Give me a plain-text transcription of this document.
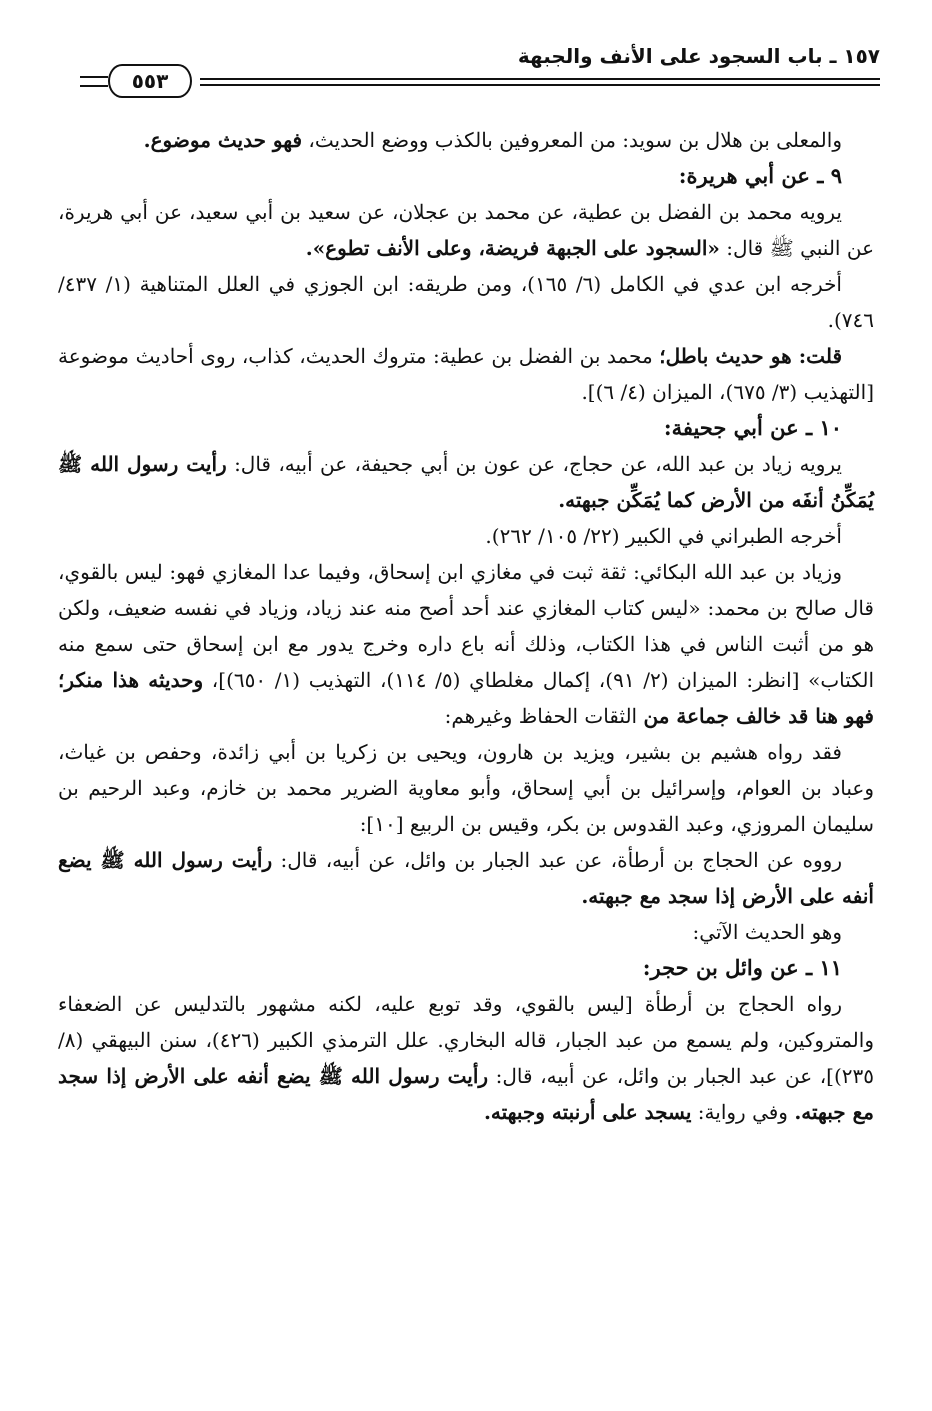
١٥٧ ـ باب السجود على الأنف والجبهة
٥٥٣

والمعلى بن هلال بن سويد: من المعروفين بالكذب ووضع الحديث، فهو حديث موضوع.

٩ ـ عن أبي هريرة:

يرويه محمد بن الفضل بن عطية، عن محمد بن عجلان، عن سعيد بن أبي سعيد، عن أبي هريرة، عن النبي ﷺ قال: «السجود على الجبهة فريضة، وعلى الأنف تطوع».

أخرجه ابن عدي في الكامل (٦/ ١٦٥)، ومن طريقه: ابن الجوزي في العلل المتناهية (١/ ٤٣٧/ ٧٤٦).

قلت: هو حديث باطل؛ محمد بن الفضل بن عطية: متروك الحديث، كذاب، روى أحاديث موضوعة [التهذيب (٣/ ٦٧٥)، الميزان (٤/ ٦)].

١٠ ـ عن أبي جحيفة:

يرويه زياد بن عبد الله، عن حجاج، عن عون بن أبي جحيفة، عن أبيه، قال: رأيت رسول الله ﷺ يُمَكِّنُ أنفَه من الأرض كما يُمَكِّن جبهته.

أخرجه الطبراني في الكبير (٢٢/ ١٠٥/ ٢٦٢).

وزياد بن عبد الله البكائي: ثقة ثبت في مغازي ابن إسحاق، وفيما عدا المغازي فهو: ليس بالقوي، قال صالح بن محمد: «ليس كتاب المغازي عند أحد أصح منه عند زياد، وزياد في نفسه ضعيف، ولكن هو من أثبت الناس في هذا الكتاب، وذلك أنه باع داره وخرج يدور مع ابن إسحاق حتى سمع منه الكتاب» [انظر: الميزان (٢/ ٩١)، إكمال مغلطاي (٥/ ١١٤)، التهذيب (١/ ٦٥٠)]، وحديثه هذا منكر؛ فهو هنا قد خالف جماعة من الثقات الحفاظ وغيرهم:

فقد رواه هشيم بن بشير، ويزيد بن هارون، ويحيى بن زكريا بن أبي زائدة، وحفص بن غياث، وعباد بن العوام، وإسرائيل بن أبي إسحاق، وأبو معاوية الضرير محمد بن خازم، وعبد الرحيم بن سليمان المروزي، وعبد القدوس بن بكر، وقيس بن الربيع [١٠]:

رووه عن الحجاج بن أرطأة، عن عبد الجبار بن وائل، عن أبيه، قال: رأيت رسول الله ﷺ يضع أنفه على الأرض إذا سجد مع جبهته.

وهو الحديث الآتي:

١١ ـ عن وائل بن حجر:

رواه الحجاج بن أرطأة [ليس بالقوي، وقد توبع عليه، لكنه مشهور بالتدليس عن الضعفاء والمتروكين، ولم يسمع من عبد الجبار، قاله البخاري. علل الترمذي الكبير (٤٢٦)، سنن البيهقي (٨/ ٢٣٥)]، عن عبد الجبار بن وائل، عن أبيه، قال: رأيت رسول الله ﷺ يضع أنفه على الأرض إذا سجد مع جبهته. وفي رواية: يسجد على أرنبته وجبهته.
